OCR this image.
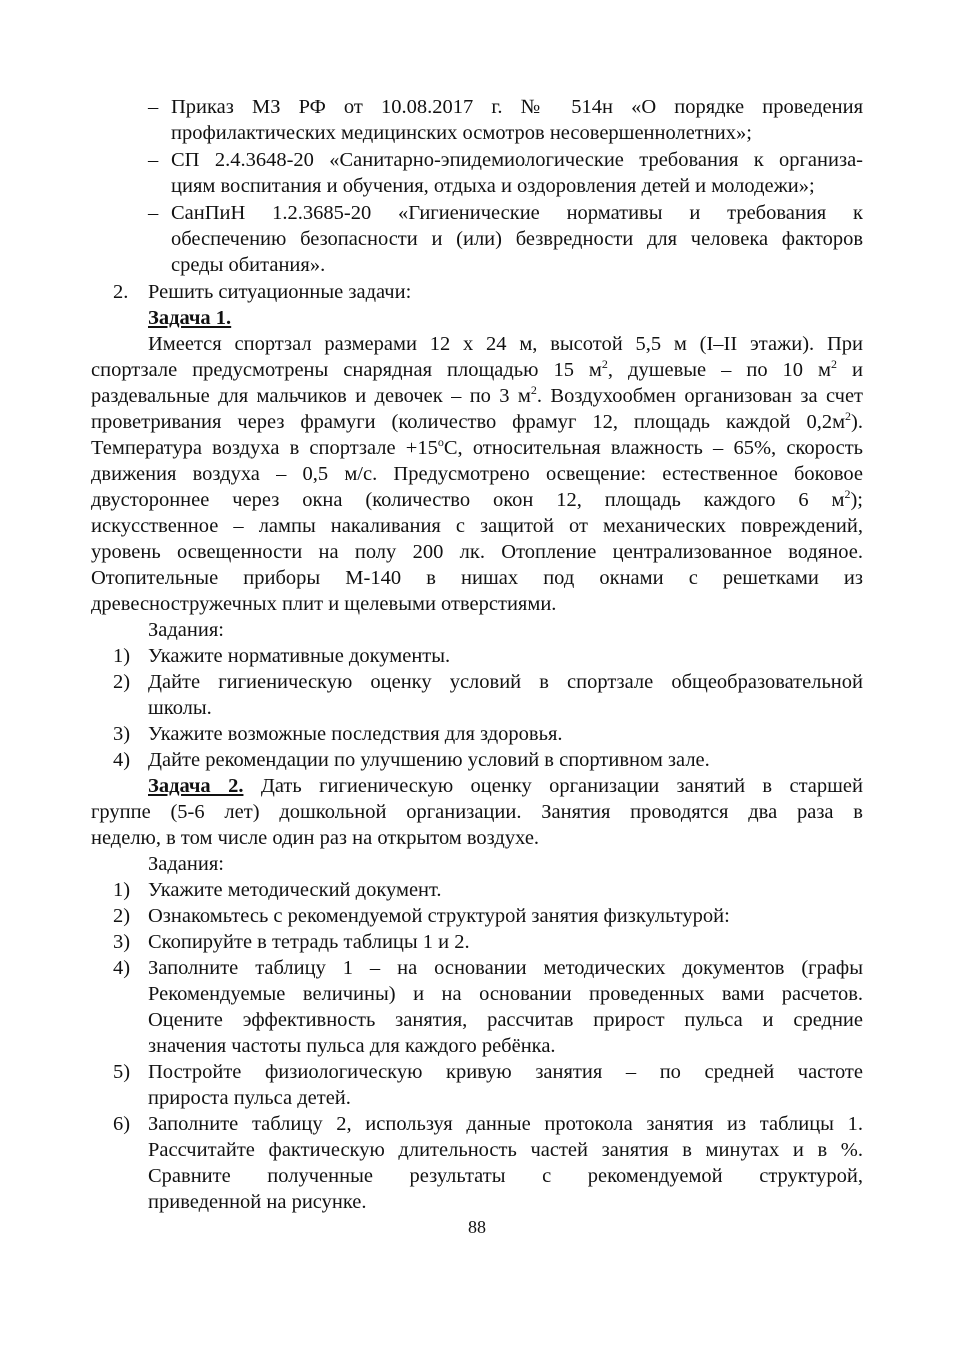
– Приказ МЗ РФ от 10.08.2017 г. № 514н «О порядке проведения
профилактических медицинских осмотров несовершеннолетних»;
– СП 2.4.3648-20 «Санитарно-эпидемиологические требования к организа-
циям воспитания и обучения, отдыха и оздоровления детей и молодежи»;
– СанПиН 1.2.3685-20 «Гигиенические нормативы и требования к
обеспечению безопасности и (или) безвредности для человека факторов
среды обитания».
2. Решить ситуационные задачи:
Задача 1.
Имеется спортзал размерами 12 х 24 м, высотой 5,5 м (I–II этажи). При
спортзале предусмотрены снарядная площадью 15 $м^2$, душевые – по 10 $м^2$ и
раздевальные для мальчиков и девочек – по 3 $м^2$. Воздухообмен организован за счет
проветривания через фрамуги (количество фрамуг 12, площадь каждой $0,2м^2$).
Температура воздуха в спортзале $+15^oС$, относительная влажность – 65%, скорость
движения воздуха – 0,5 м/с. Предусмотрено освещение: естественное боковое
двустороннее через окна (количество окон 12, площадь каждого 6 $м^2$);
искусственное – лампы накаливания с защитой от механических повреждений,
уровень освещенности на полу 200 лк. Отопление централизованное водяное.
Отопительные приборы М-140 в нишах под окнами с решетками из
древесностружечных плит и щелевыми отверстиями.
Задания:
1) Укажите нормативные документы.
2) Дайте гигиеническую оценку условий в спортзале общеобразовательной
школы.
3) Укажите возможные последствия для здоровья.
4) Дайте рекомендации по улучшению условий в спортивном зале.
Задача 2. Дать гигиеническую оценку организации занятий в старшей
группе (5-6 лет) дошкольной организации. Занятия проводятся два раза в
неделю, в том числе один раз на открытом воздухе.
Задания:
1) Укажите методический документ.
2) Ознакомьтесь с рекомендуемой структурой занятия физкультурой:
3) Скопируйте в тетрадь таблицы 1 и 2.
4) Заполните таблицу 1 – на основании методических документов (графы
Рекомендуемые величины) и на основании проведенных вами расчетов.
Оцените эффективность занятия, рассчитав прирост пульса и средние
значения частоты пульса для каждого ребёнка.
5) Постройте физиологическую кривую занятия – по средней частоте
прироста пульса детей.
6) Заполните таблицу 2, используя данные протокола занятия из таблицы 1.
Рассчитайте фактическую длительность частей занятия в минутах и в %.
Сравните полученные результаты с рекомендуемой структурой,
приведенной на рисунке.
88
